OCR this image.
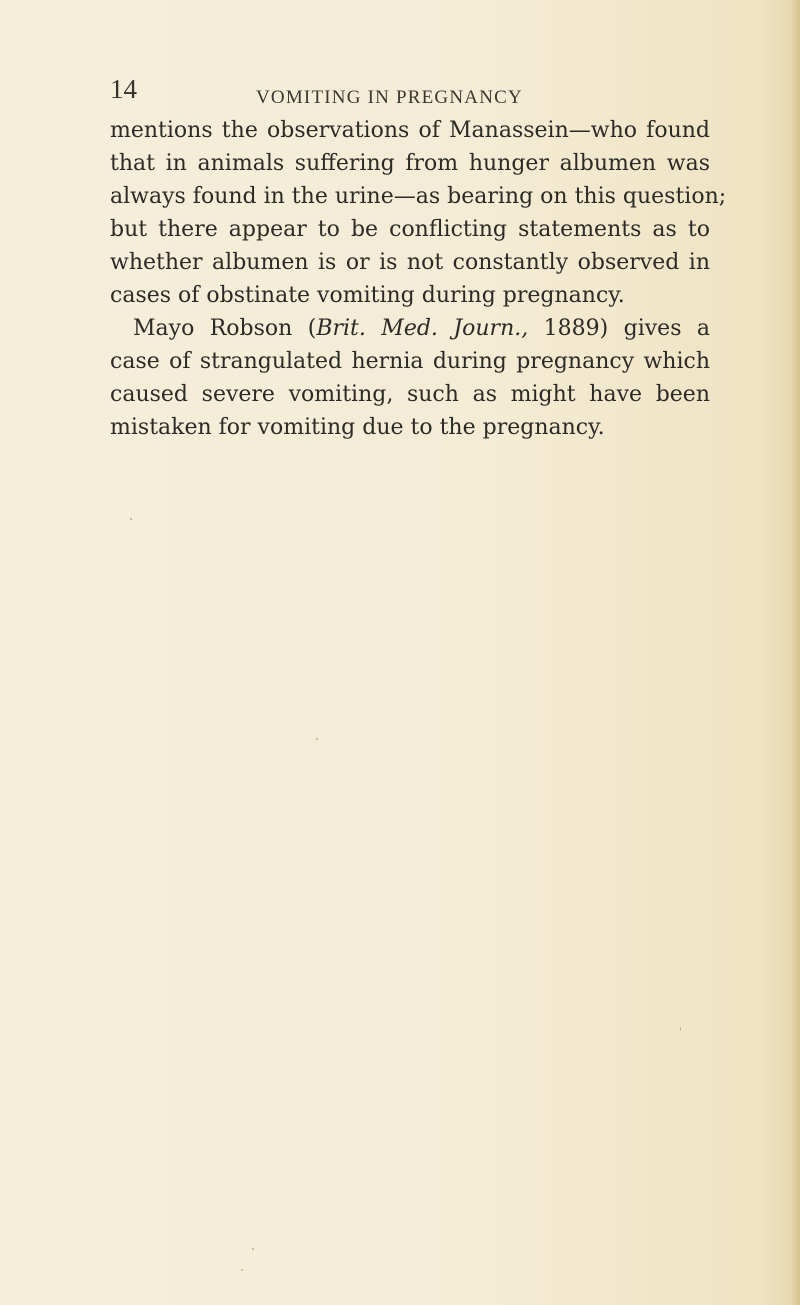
14	VOMITING IN PREGNANCY
mentions the observations of Manassein—who found
that in animals suffering from hunger albumen was
always found in the urine—as bearing on this question;
but there appear to be conflicting statements as to
whether albumen is or is not constantly observed in
cases of obstinate vomiting during pregnancy.
Mayo Robson (Brit. Med. Journ., 1889) gives a
case of strangulated hernia during pregnancy which
caused severe vomiting, such as might have been
mistaken for vomiting due to the pregnancy.
